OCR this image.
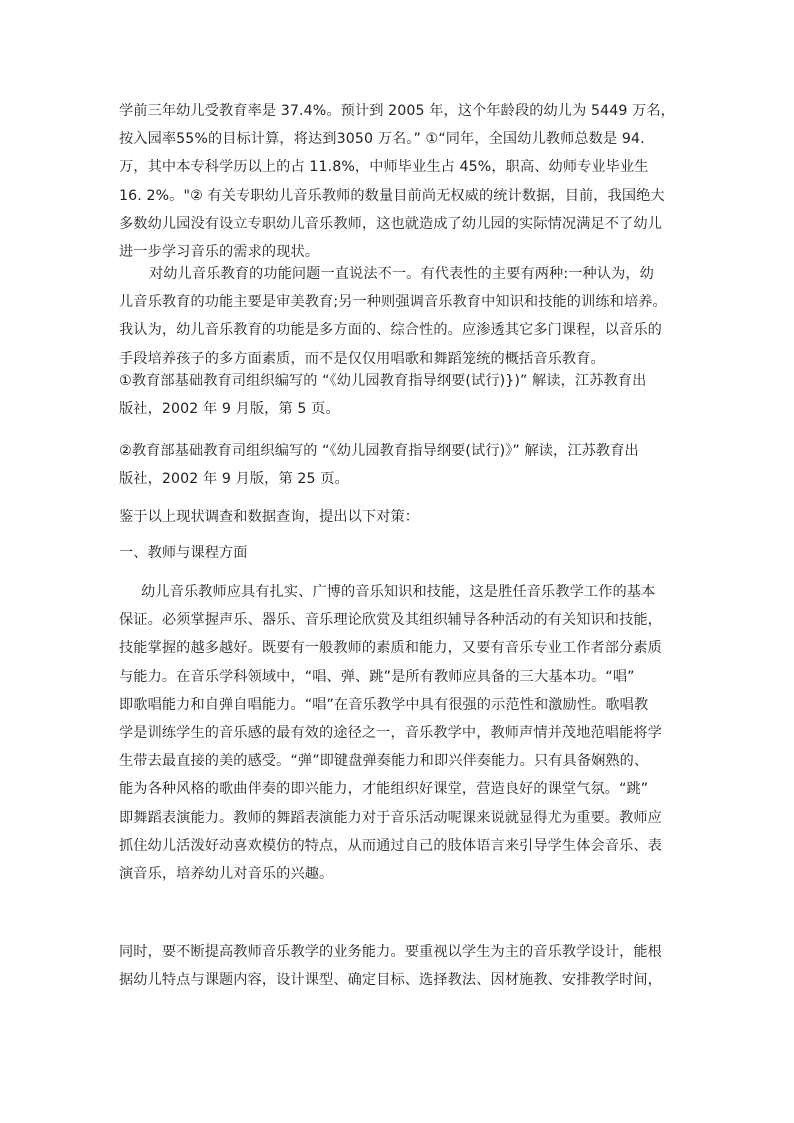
学前三年幼儿受教育率是 37.4%。预计到 2005 年，这个年龄段的幼儿为 5449 万名，
按入园率55%的目标计算，将达到3050 万名。” ①“同年，全国幼儿教师总数是 94.
万，其中本专科学历以上的占 11.8%，中师毕业生占 45%，职高、幼师专业毕业生
16. 2%。"② 有关专职幼儿音乐教师的数量目前尚无权威的统计数据，目前，我国绝大
多数幼儿园没有设立专职幼儿音乐教师，这也就造成了幼儿园的实际情况满足不了幼儿
进一步学习音乐的需求的现状。
对幼儿音乐教育的功能问题一直说法不一。有代表性的主要有两种:一种认为，幼
儿音乐教育的功能主要是审美教育;另一种则强调音乐教育中知识和技能的训练和培养。
我认为，幼儿音乐教育的功能是多方面的、综合性的。应渗透其它多门课程，以音乐的
手段培养孩子的多方面素质，而不是仅仅用唱歌和舞蹈笼统的概括音乐教育。
①教育部基础教育司组织编写的 “《幼儿园教育指导纲要(试行)})” 解读，江苏教育出
版社，2002 年 9 月版，第 5 页。
②教育部基础教育司组织编写的 “《幼儿园教育指导纲要(试行)》” 解读，江苏教育出
版社，2002 年 9 月版，第 25 页。
鉴于以上现状调查和数据查询，提出以下对策：
一、教师与课程方面
幼儿音乐教师应具有扎实、广博的音乐知识和技能，这是胜任音乐教学工作的基本
保证。必须掌握声乐、器乐、音乐理论欣赏及其组织辅导各种活动的有关知识和技能，
技能掌握的越多越好。既要有一般教师的素质和能力，又要有音乐专业工作者部分素质
与能力。在音乐学科领域中，“唱、弹、跳”是所有教师应具备的三大基本功。“唱”
即歌唱能力和自弹自唱能力。“唱”在音乐教学中具有很强的示范性和激励性。歌唱教
学是训练学生的音乐感的最有效的途径之一，音乐教学中，教师声情并茂地范唱能将学
生带去最直接的美的感受。“弹”即键盘弹奏能力和即兴伴奏能力。只有具备娴熟的、
能为各种风格的歌曲伴奏的即兴能力，才能组织好课堂，营造良好的课堂气氛。“跳”
即舞蹈表演能力。教师的舞蹈表演能力对于音乐活动呢课来说就显得尤为重要。教师应
抓住幼儿活泼好动喜欢模仿的特点，从而通过自己的肢体语言来引导学生体会音乐、表
演音乐，培养幼儿对音乐的兴趣。
同时，要不断提高教师音乐教学的业务能力。要重视以学生为主的音乐教学设计，能根
据幼儿特点与课题内容，设计课型、确定目标、选择教法、因材施教、安排教学时间，
